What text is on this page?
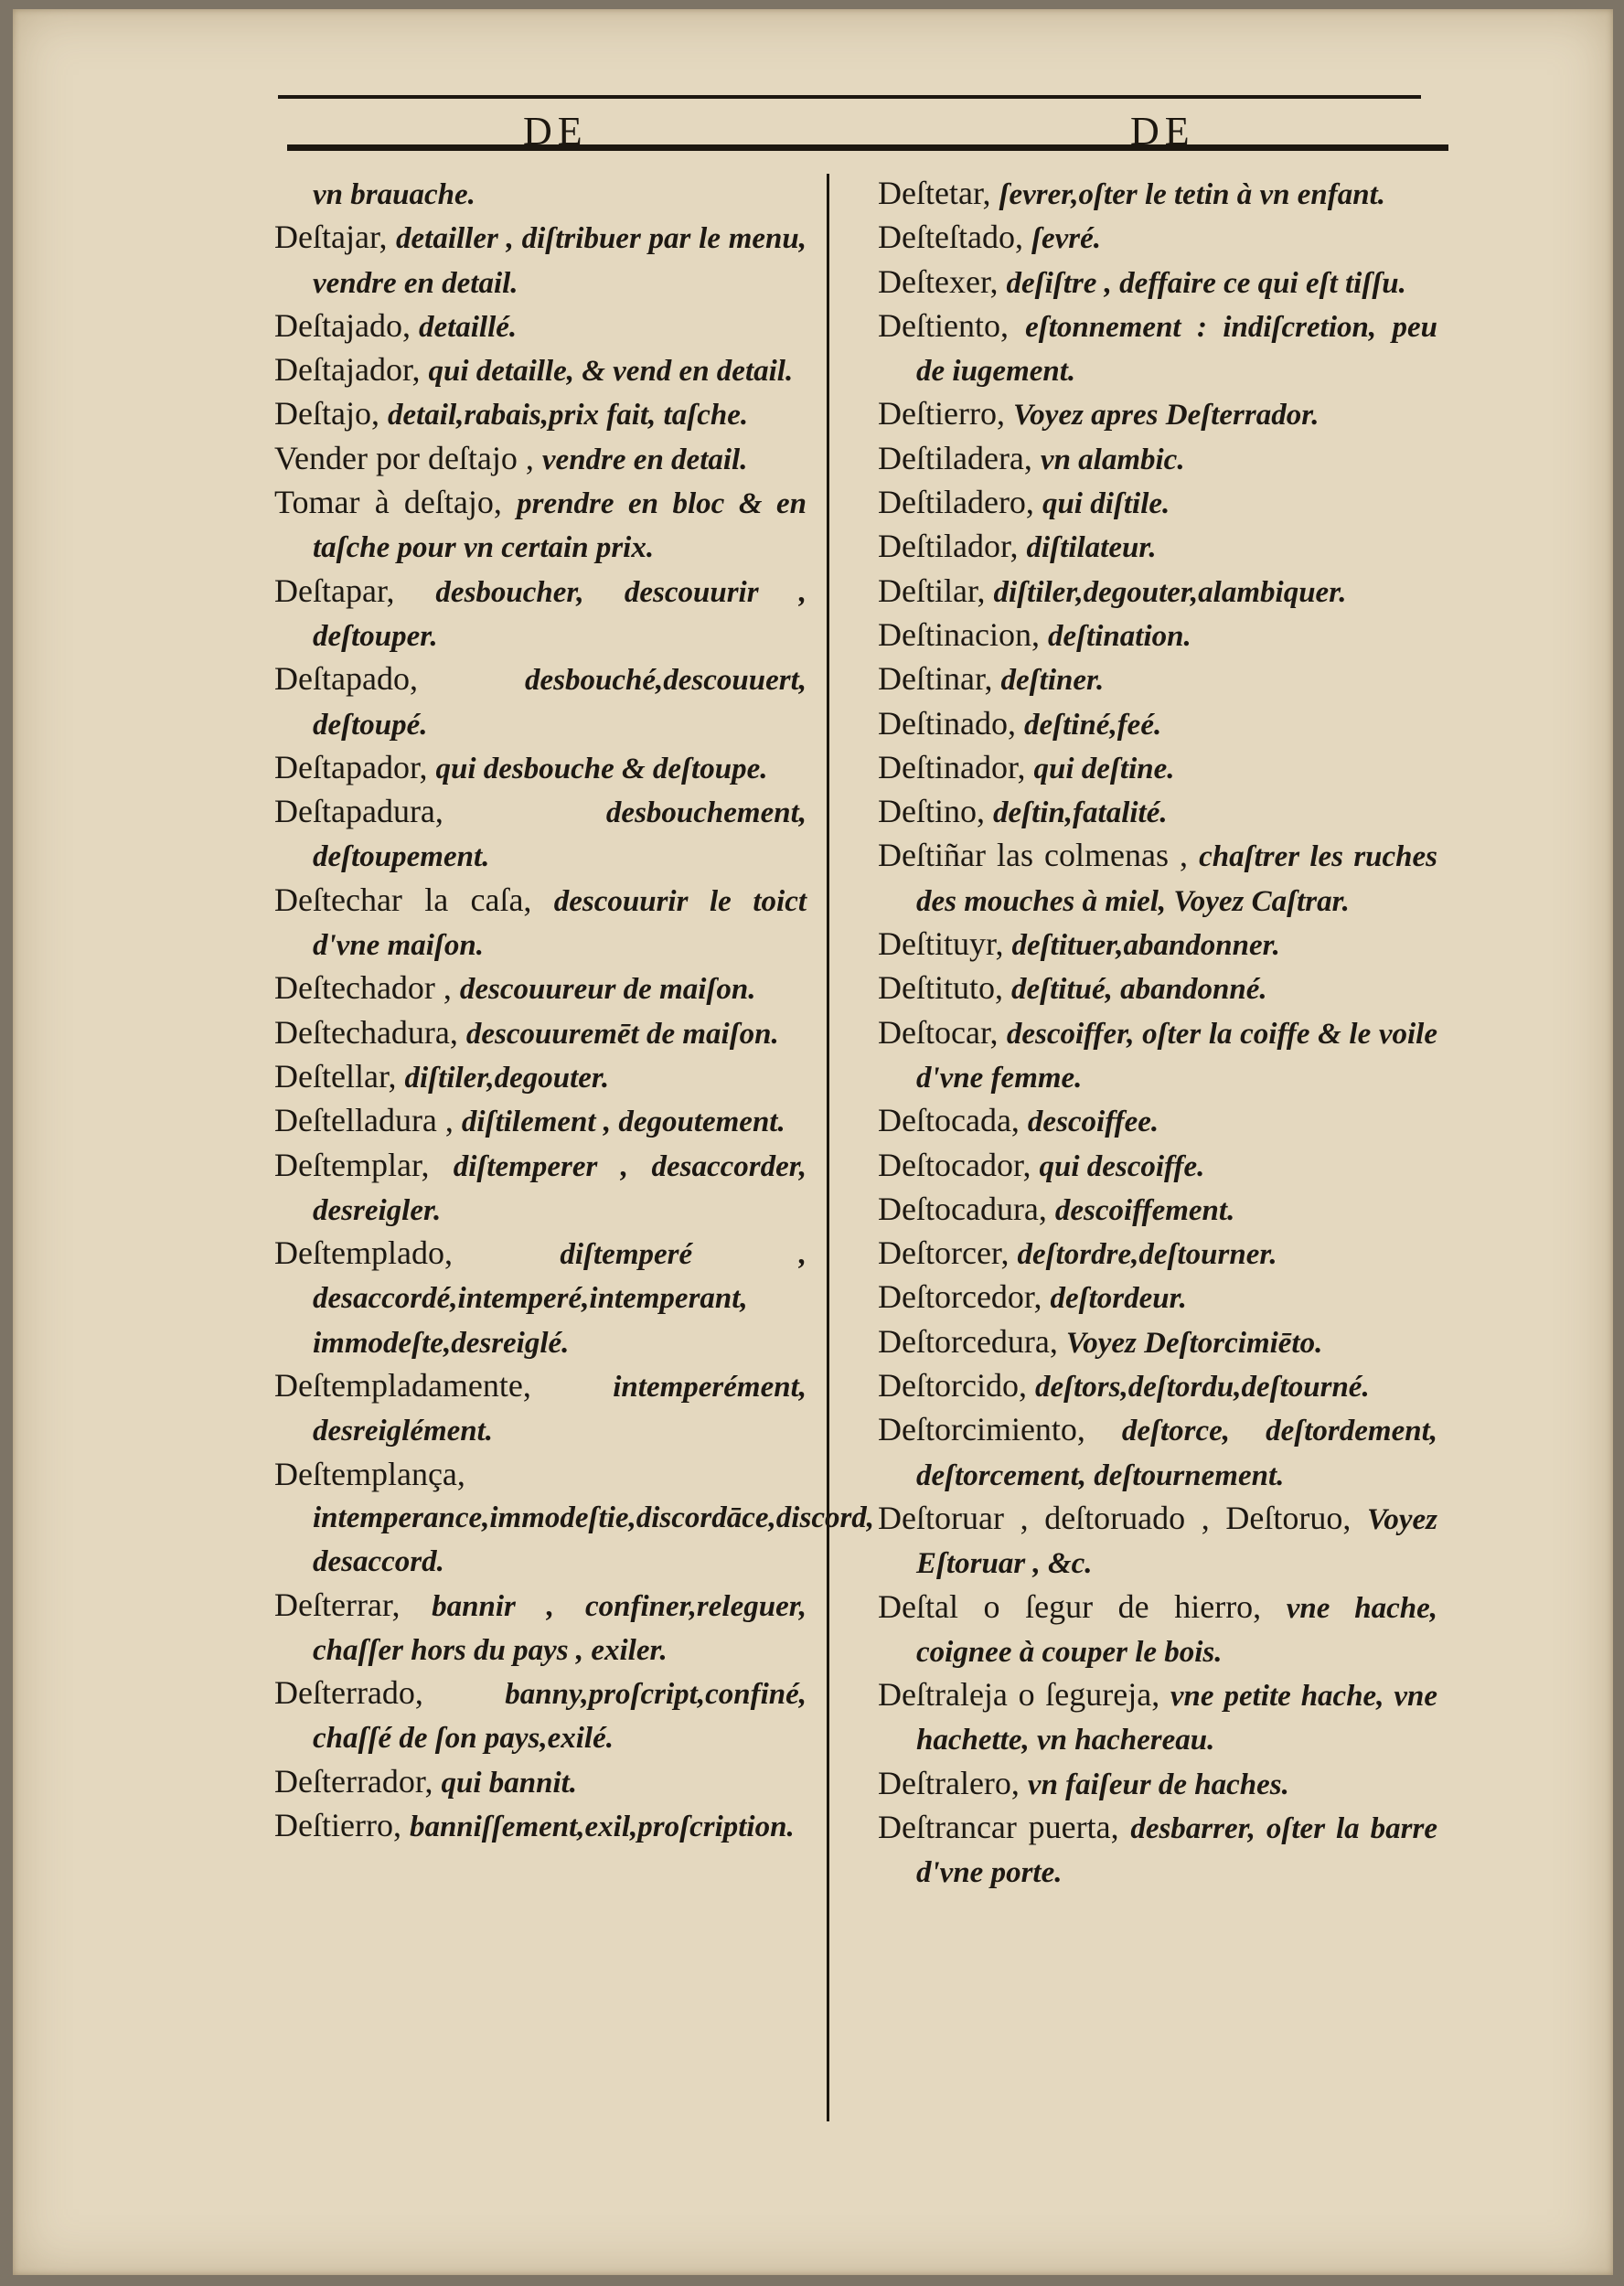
DE	DE

vn brauache.

Deſtajar, detailler , diſtribuer par le menu, vendre en detail.

Deſtajado, detaillé.

Deſtajador, qui detaille, & vend en detail.

Deſtajo, detail,rabais,prix fait, taſche.

Vender por deſtajo , vendre en detail.

Tomar à deſtajo, prendre en bloc & en taſche pour vn certain prix.

Deſtapar, desboucher, descouurir , deſtouper.

Deſtapado,	desbouché,descouuert, deſtoupé.

Deſtapador, qui desbouche & deſtoupe.

Deſtapadura,	desbouchement, deſtoupement.

Deſtechar la caſa, descouurir le toict d'vne maiſon.

Deſtechador , descouureur de maiſon.

Deſtechadura, descouuremēt de maiſon.

Deſtellar, diſtiler,degouter.

Deſtelladura , diſtilement , degoutement.

Deſtemplar, diſtemperer , desaccorder, desreigler.

Deſtemplado,	diſtemperé , desaccordé,intemperé,intemperant, immodeſte,desreiglé.

Deſtempladamente,	intemperément, desreiglément.

Deſtemplança, intemperance,immodeſtie,discordāce,discord, desaccord.

Deſterrar, bannir , confiner,releguer, chaſſer hors du pays , exiler.

Deſterrado,	banny,proſcript,confiné, chaſſé de ſon pays,exilé.

Deſterrador, qui bannit.

Deſtierro, banniſſement,exil,proſcription.

Deſtetar, ſevrer,oſter le tetin à vn enfant.

Deſteſtado, ſevré.

Deſtexer, deſiſtre , deffaire ce qui eſt tiſſu.

Deſtiento, eſtonnement : indiſcretion, peu de iugement.

Deſtierro, Voyez apres Deſterrador.

Deſtiladera, vn alambic.

Deſtiladero, qui diſtile.

Deſtilador, diſtilateur.

Deſtilar, diſtiler,degouter,alambiquer.

Deſtinacion, deſtination.

Deſtinar, deſtiner.

Deſtinado, deſtiné,feé.

Deſtinador, qui deſtine.

Deſtino, deſtin,fatalité.

Deſtiñar las colmenas , chaſtrer les ruches des mouches à miel, Voyez Caſtrar.

Deſtituyr, deſtituer,abandonner.

Deſtituto, deſtitué, abandonné.

Deſtocar, descoiffer, oſter la coiffe & le voile d'vne femme.

Deſtocada, descoiffee.

Deſtocador, qui descoiffe.

Deſtocadura, descoiffement.

Deſtorcer, deſtordre,deſtourner.

Deſtorcedor, deſtordeur.

Deſtorcedura, Voyez Deſtorcimiēto.

Deſtorcido, deſtors,deſtordu,deſtourné.

Deſtorcimiento, deſtorce, deſtordement, deſtorcement, deſtournement.

Deſtoruar , deſtoruado , Deſtoruo, Voyez Eſtoruar , &c.

Deſtal o ſegur de hierro, vne hache, coignee à couper le bois.

Deſtraleja o ſegureja, vne petite hache, vne hachette, vn hachereau.

Deſtralero, vn faiſeur de haches.

Deſtrancar puerta, desbarrer, oſter la barre d'vne porte.
